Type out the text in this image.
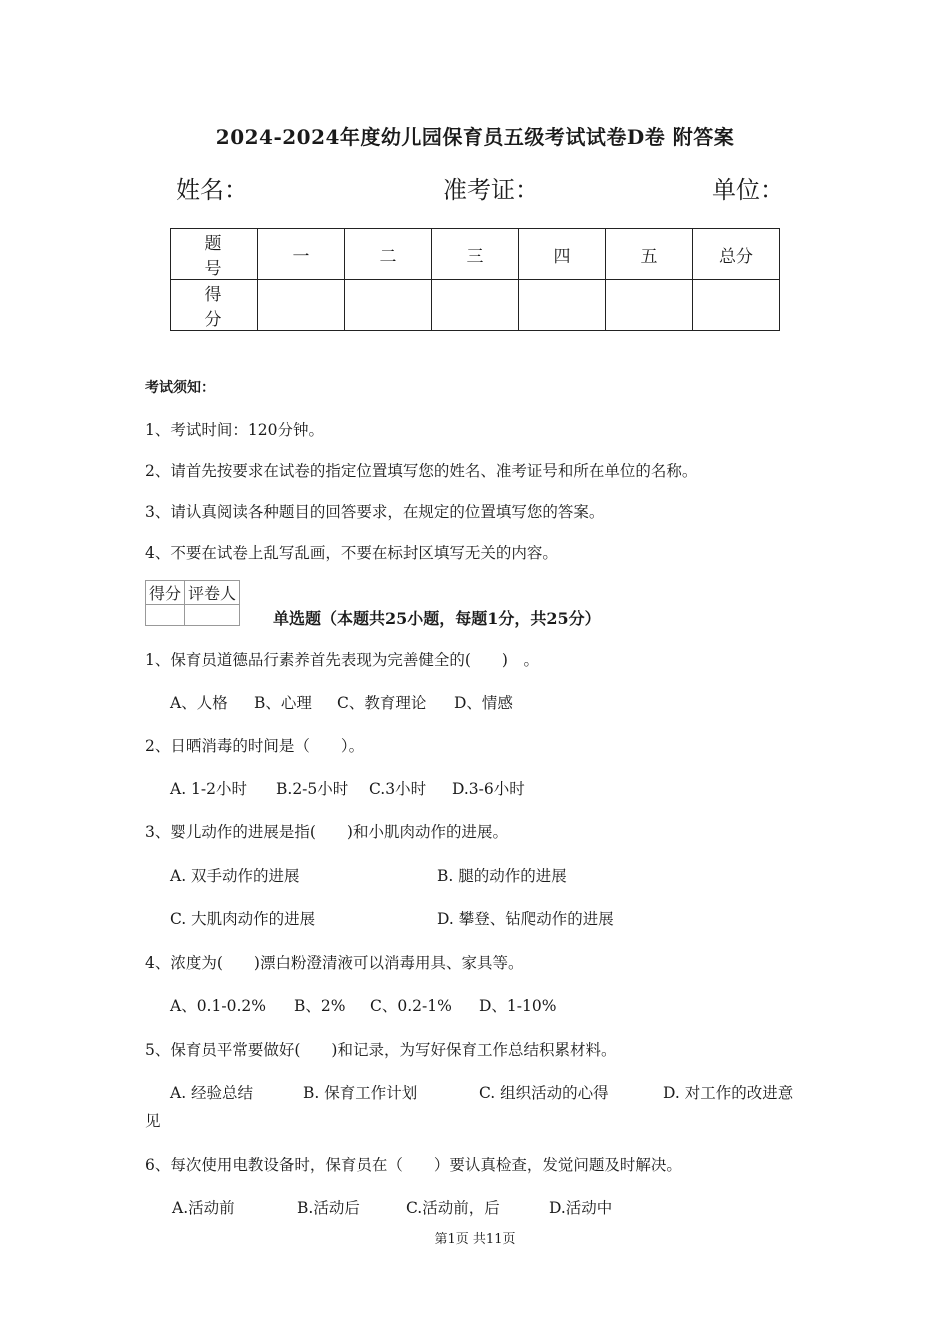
2024-2024年度幼儿园保育员五级考试试卷D卷 附答案
姓名：	准考证：	单位：
题 号	一	二	三	四	五	总分
得 分						
考试须知：
1、考试时间：120分钟。
2、请首先按要求在试卷的指定位置填写您的姓名、准考证号和所在单位的名称。
3、请认真阅读各种题目的回答要求，在规定的位置填写您的答案。
4、不要在试卷上乱写乱画，不要在标封区填写无关的内容。
得分	评卷人

单选题（本题共25小题，每题1分，共25分）
1、保育员道德品行素养首先表现为完善健全的(　　)　。
A、人格 B、心理 C、教育理论 D、情感
2、日晒消毒的时间是（　　）。
A. 1-2小时 B.2-5小时 C.3小时 D.3-6小时
3、婴儿动作的进展是指(　　)和小肌肉动作的进展。
A. 双手动作的进展	B. 腿的动作的进展
C. 大肌肉动作的进展	D. 攀登、钻爬动作的进展
4、浓度为(　　)漂白粉澄清液可以消毒用具、家具等。
A、0.1-0.2% B、2% C、0.2-1% D、1-10%
5、保育员平常要做好(　　)和记录，为写好保育工作总结积累材料。
A. 经验总结	B. 保育工作计划	C. 组织活动的心得	D. 对工作的改进意
见
6、每次使用电教设备时，保育员在（　　）要认真检查，发觉问题及时解决。
A.活动前	B.活动后	C.活动前，后	D.活动中
第1页 共11页
